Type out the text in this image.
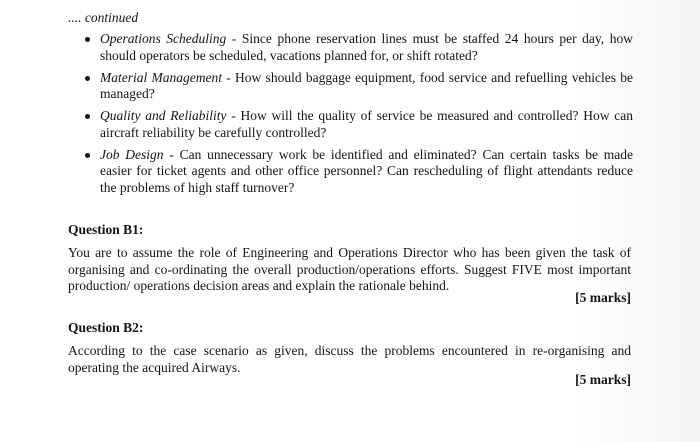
.... continued

Operations Scheduling - Since phone reservation lines must be staffed 24 hours per day, how should operators be scheduled, vacations planned for, or shift rotated?
Material Management - How should baggage equipment, food service and refuelling vehicles be managed?
Quality and Reliability - How will the quality of service be measured and controlled? How can aircraft reliability be carefully controlled?
Job Design - Can unnecessary work be identified and eliminated? Can certain tasks be made easier for ticket agents and other office personnel? Can rescheduling of flight attendants reduce the problems of high staff turnover?

Question B1:

You are to assume the role of Engineering and Operations Director who has been given the task of organising and co-ordinating the overall production/operations efforts. Suggest FIVE most important production/ operations decision areas and explain the rationale behind.

[5 marks]

Question B2:

According to the case scenario as given, discuss the problems encountered in re-organising and operating the acquired Airways.

[5 marks]
